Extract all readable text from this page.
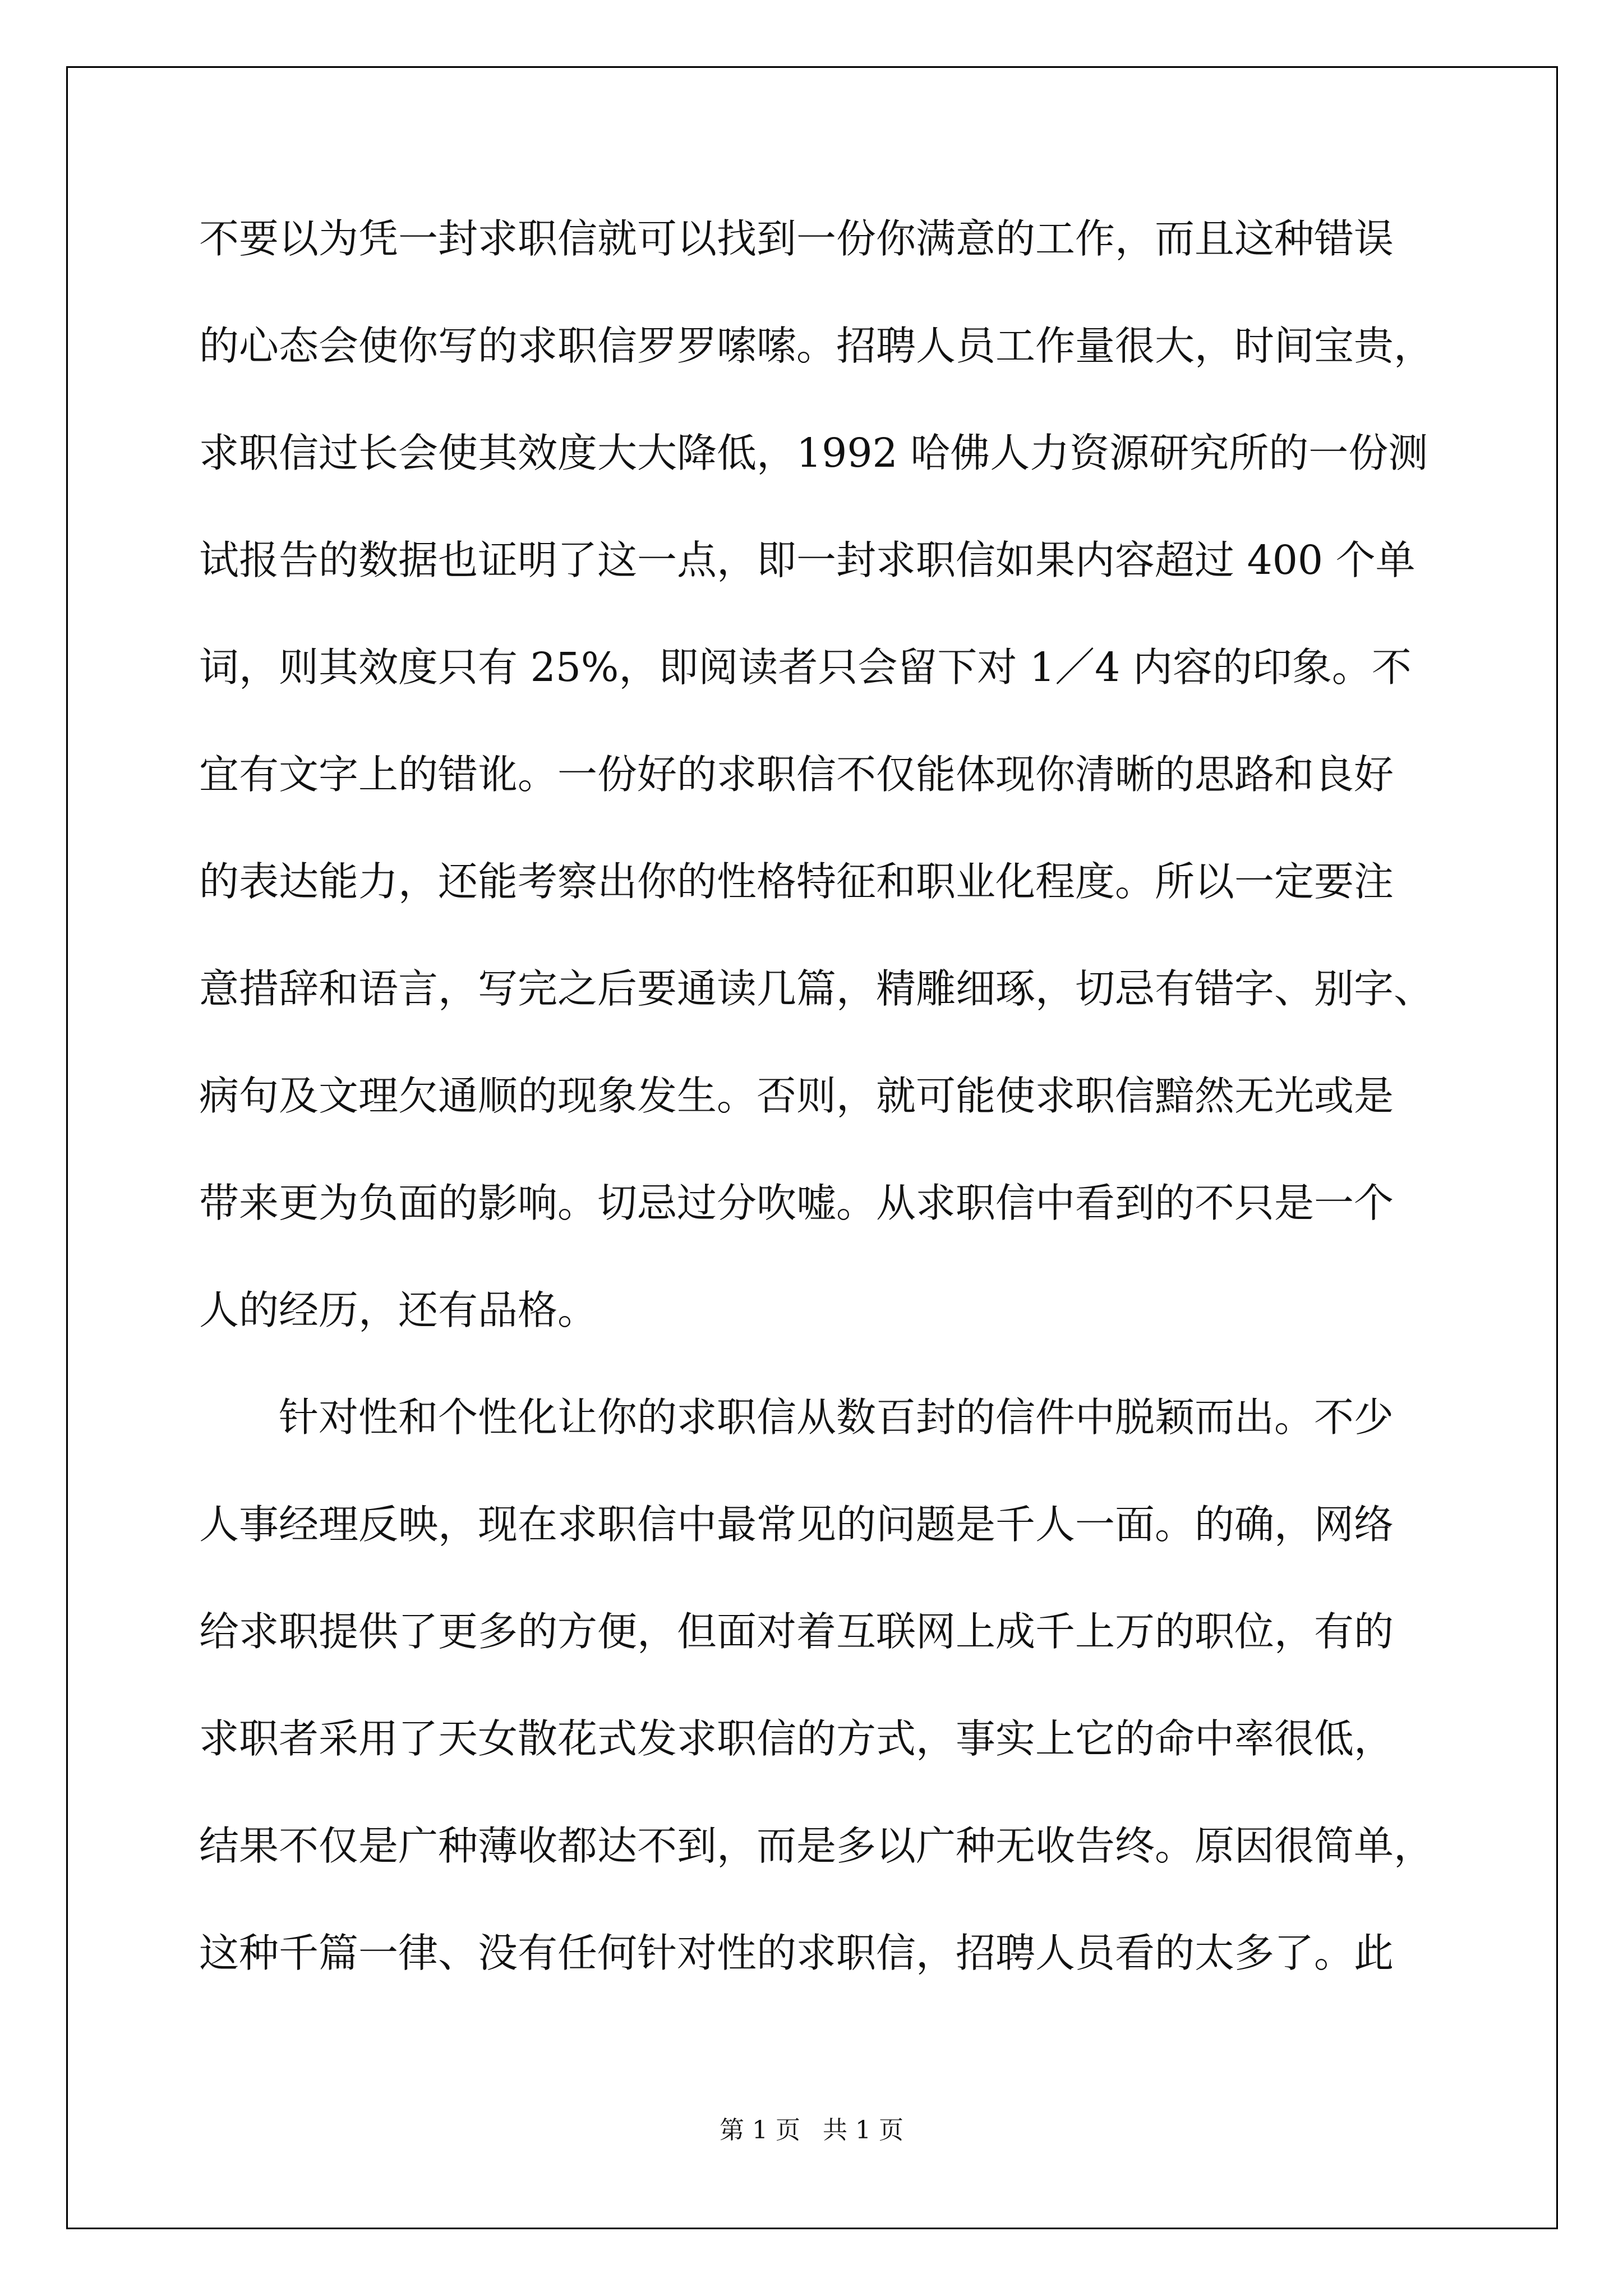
不要以为凭一封求职信就可以找到一份你满意的工作，而且这种错误
的心态会使你写的求职信罗罗嗦嗦。招聘人员工作量很大，时间宝贵，
求职信过长会使其效度大大降低，1992 哈佛人力资源研究所的一份测
试报告的数据也证明了这一点，即一封求职信如果内容超过 400 个单
词，则其效度只有 25%，即阅读者只会留下对 1／4 内容的印象。不
宜有文字上的错讹。一份好的求职信不仅能体现你清晰的思路和良好
的表达能力，还能考察出你的性格特征和职业化程度。所以一定要注
意措辞和语言，写完之后要通读几篇，精雕细琢，切忌有错字、别字、
病句及文理欠通顺的现象发生。否则，就可能使求职信黯然无光或是
带来更为负面的影响。切忌过分吹嘘。从求职信中看到的不只是一个
人的经历，还有品格。
针对性和个性化让你的求职信从数百封的信件中脱颖而出。不少
人事经理反映，现在求职信中最常见的问题是千人一面。的确，网络
给求职提供了更多的方便，但面对着互联网上成千上万的职位，有的
求职者采用了天女散花式发求职信的方式，事实上它的命中率很低，
结果不仅是广种薄收都达不到，而是多以广种无收告终。原因很简单，
这种千篇一律、没有任何针对性的求职信，招聘人员看的太多了。此
第 1 页 共 1 页
